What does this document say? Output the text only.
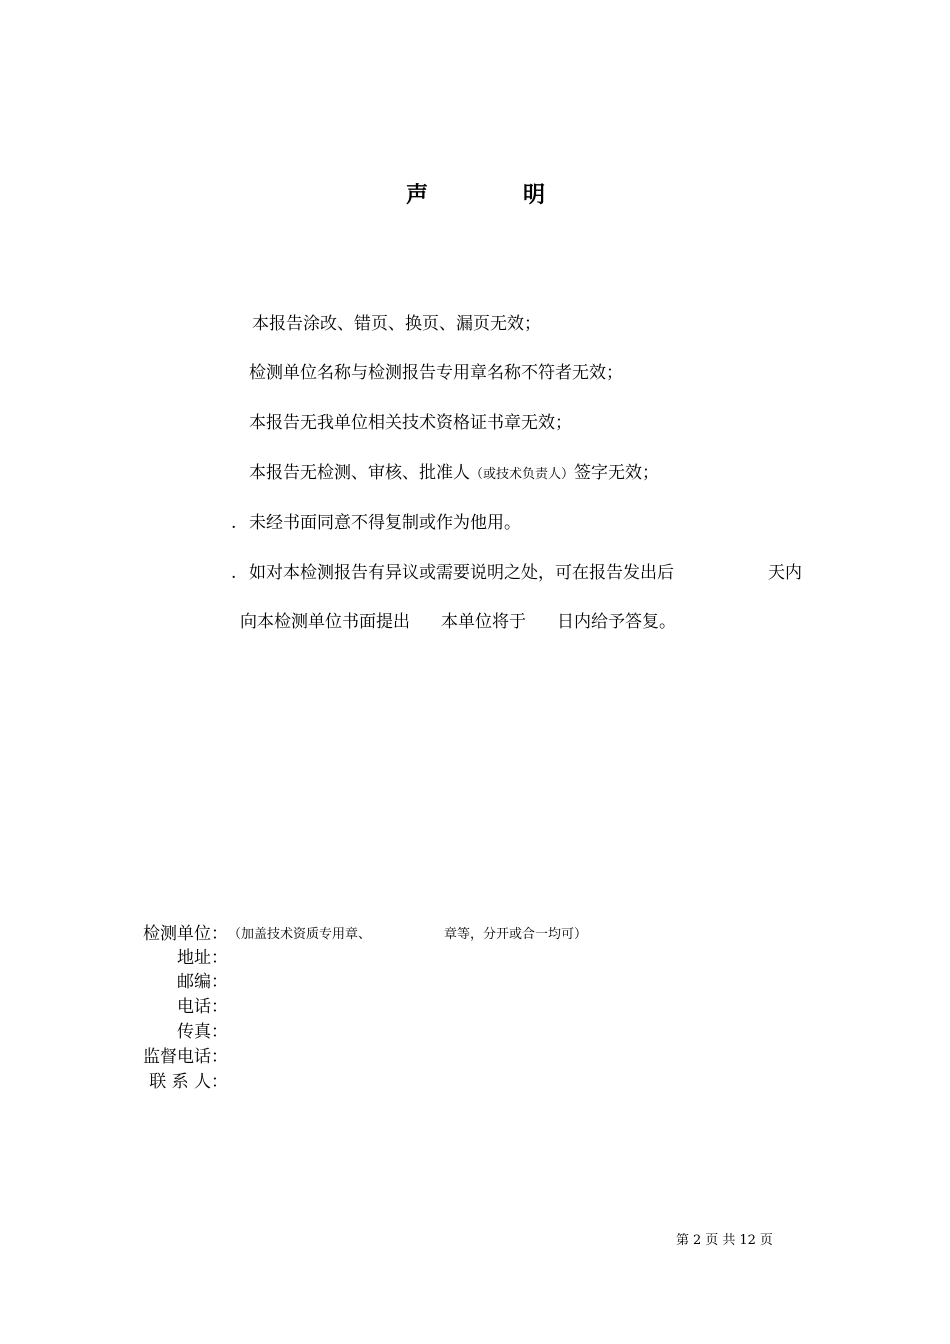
声	明
本报告涂改、错页、换页、漏页无效；
检测单位名称与检测报告专用章名称不符者无效；
本报告无我单位相关技术资格证书章无效；
本报告无检测、审核、批准人（或技术负责人）签字无效；
. 未经书面同意不得复制或作为他用。
. 如对本检测报告有异议或需要说明之处，可在报告发出后	天内
向本检测单位书面提出 本单位将于 日内给予答复。
检测单位： （加盖技术资质专用章、	章等，分开或合一均可）
地址：
邮编：
电话：
传真：
监督电话：
联 系 人：
第 2 页 共 12 页
